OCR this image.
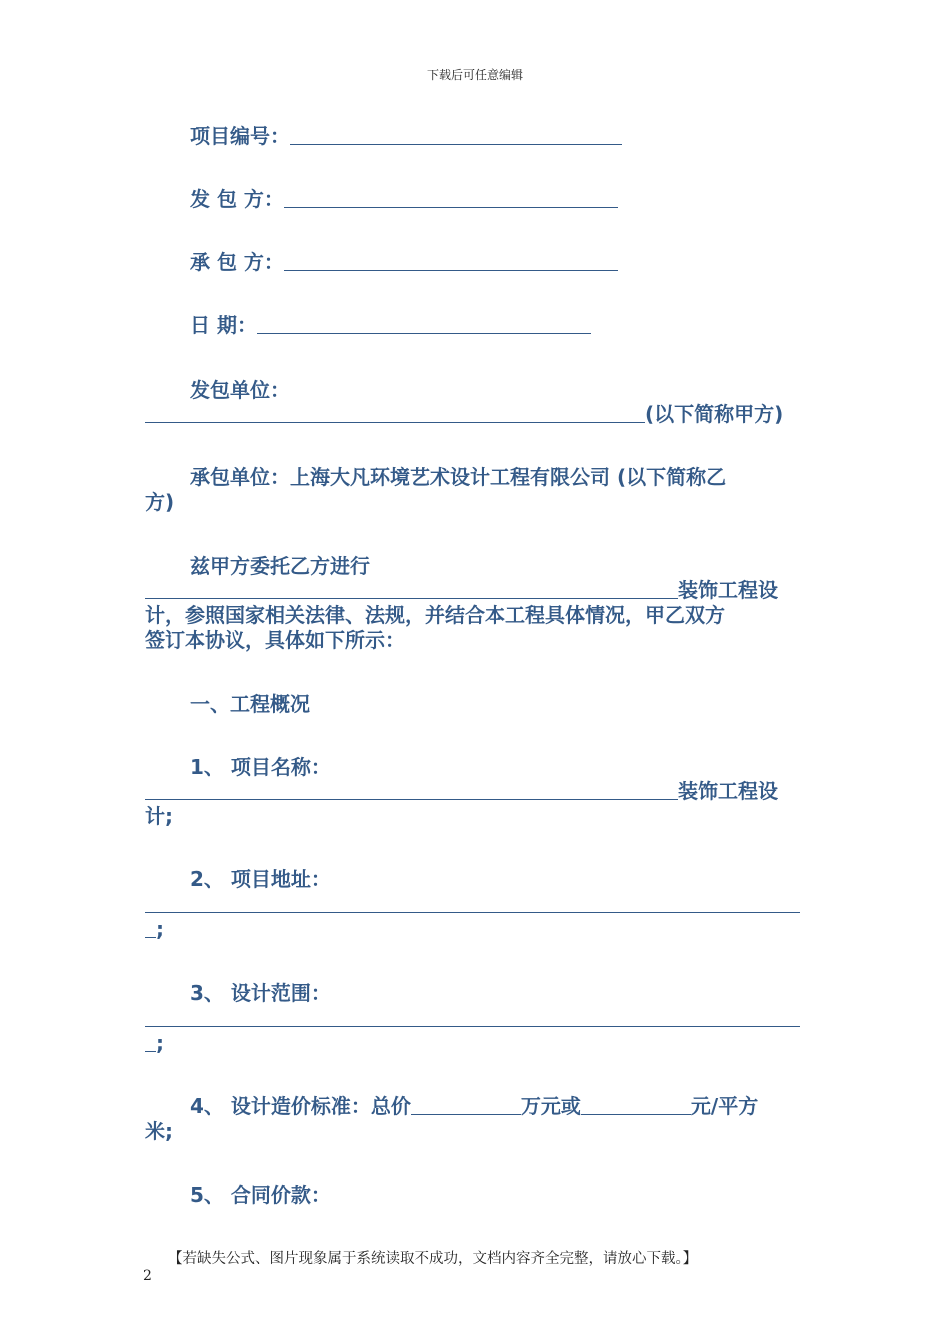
下载后可任意编辑
项目编号：
发 包 方：
承 包 方：
日 期：
发包单位：
(以下简称甲方)
承包单位：上海大凡环境艺术设计工程有限公司 (以下简称乙
方)
兹甲方委托乙方进行
装饰工程设
计，参照国家相关法律、法规，并结合本工程具体情况，甲乙双方
签订本协议，具体如下所示：
一、工程概况
1、 项目名称：
装饰工程设
计;
2、 项目地址：
;
3、 设计范围：
;
4、 设计造价标准：总价	万元或	元/平方
米;
5、 合同价款：
【若缺失公式、图片现象属于系统读取不成功，文档内容齐全完整，请放心下载。】
2
